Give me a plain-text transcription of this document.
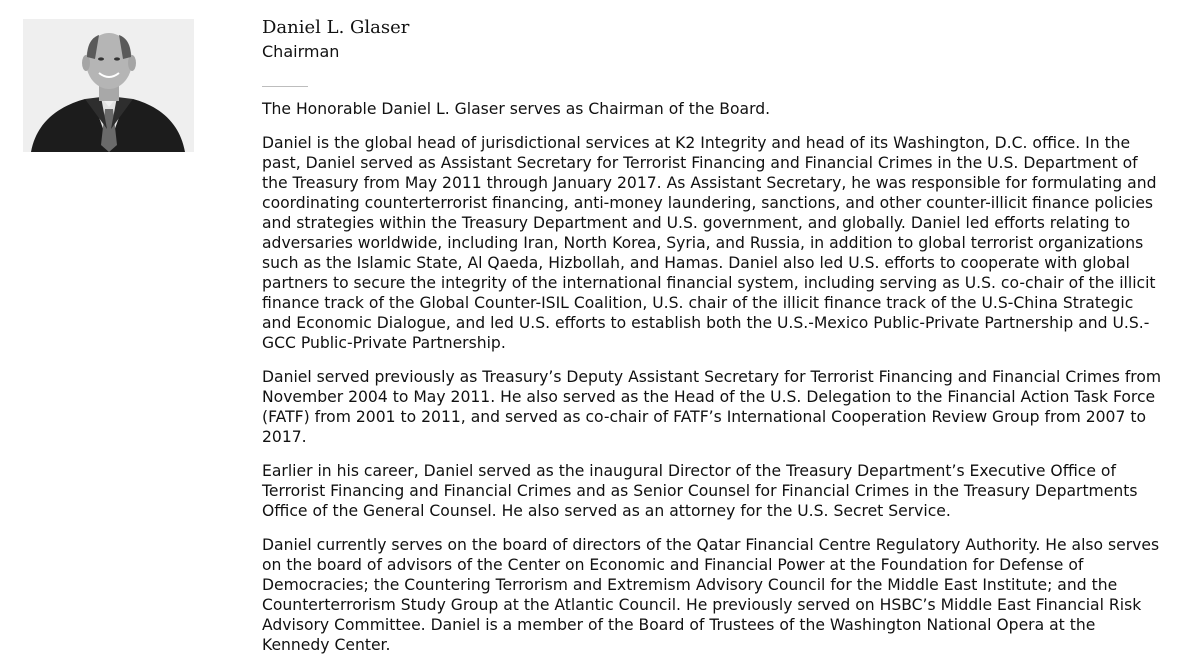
Daniel L. Glaser
Chairman

The Honorable Daniel L. Glaser serves as Chairman of the Board.

Daniel is the global head of jurisdictional services at K2 Integrity and head of its Washington, D.C. office. In the past, Daniel served as Assistant Secretary for Terrorist Financing and Financial Crimes in the U.S. Department of the Treasury from May 2011 through January 2017. As Assistant Secretary, he was responsible for formulating and coordinating counterterrorist financing, anti-money laundering, sanctions, and other counter-illicit finance policies and strategies within the Treasury Department and U.S. government, and globally. Daniel led efforts relating to adversaries worldwide, including Iran, North Korea, Syria, and Russia, in addition to global terrorist organizations such as the Islamic State, Al Qaeda, Hizbollah, and Hamas. Daniel also led U.S. efforts to cooperate with global partners to secure the integrity of the international financial system, including serving as U.S. co-chair of the illicit finance track of the Global Counter-ISIL Coalition, U.S. chair of the illicit finance track of the U.S-China Strategic and Economic Dialogue, and led U.S. efforts to establish both the U.S.-Mexico Public-Private Partnership and U.S.-GCC Public-Private Partnership.

Daniel served previously as Treasury’s Deputy Assistant Secretary for Terrorist Financing and Financial Crimes from November 2004 to May 2011. He also served as the Head of the U.S. Delegation to the Financial Action Task Force (FATF) from 2001 to 2011, and served as co-chair of FATF’s International Cooperation Review Group from 2007 to 2017.

Earlier in his career, Daniel served as the inaugural Director of the Treasury Department’s Executive Office of Terrorist Financing and Financial Crimes and as Senior Counsel for Financial Crimes in the Treasury Departments Office of the General Counsel. He also served as an attorney for the U.S. Secret Service.

Daniel currently serves on the board of directors of the Qatar Financial Centre Regulatory Authority. He also serves on the board of advisors of the Center on Economic and Financial Power at the Foundation for Defense of Democracies; the Countering Terrorism and Extremism Advisory Council for the Middle East Institute; and the Counterterrorism Study Group at the Atlantic Council. He previously served on HSBC’s Middle East Financial Risk Advisory Committee. Daniel is a member of the Board of Trustees of the Washington National Opera at the Kennedy Center.
